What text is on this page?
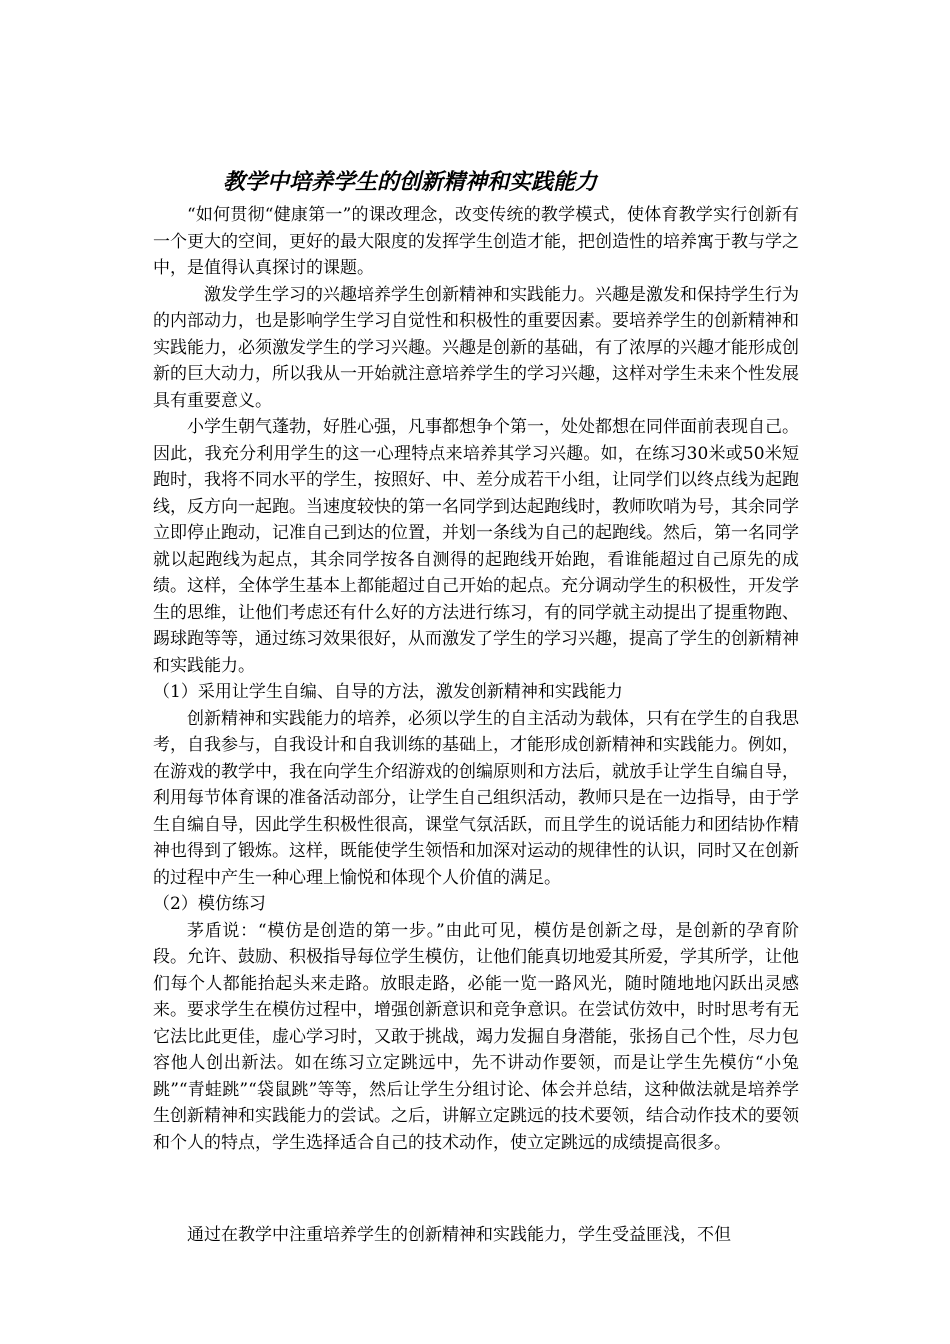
教学中培养学生的创新精神和实践能力

“如何贯彻“健康第一”的课改理念，改变传统的教学模式，使体育教学实行创新有一个更大的空间，更好的最大限度的发挥学生创造才能，把创造性的培养寓于教与学之中，是值得认真探讨的课题。

激发学生学习的兴趣培养学生创新精神和实践能力。兴趣是激发和保持学生行为的内部动力，也是影响学生学习自觉性和积极性的重要因素。要培养学生的创新精神和实践能力，必须激发学生的学习兴趣。兴趣是创新的基础，有了浓厚的兴趣才能形成创新的巨大动力，所以我从一开始就注意培养学生的学习兴趣，这样对学生未来个性发展具有重要意义。

小学生朝气蓬勃，好胜心强，凡事都想争个第一，处处都想在同伴面前表现自己。因此，我充分利用学生的这一心理特点来培养其学习兴趣。如，在练习30米或50米短跑时，我将不同水平的学生，按照好、中、差分成若干小组，让同学们以终点线为起跑线，反方向一起跑。当速度较快的第一名同学到达起跑线时，教师吹哨为号，其余同学立即停止跑动，记准自己到达的位置，并划一条线为自己的起跑线。然后，第一名同学就以起跑线为起点，其余同学按各自测得的起跑线开始跑，看谁能超过自己原先的成绩。这样，全体学生基本上都能超过自己开始的起点。充分调动学生的积极性，开发学生的思维，让他们考虑还有什么好的方法进行练习，有的同学就主动提出了提重物跑、踢球跑等等，通过练习效果很好，从而激发了学生的学习兴趣，提高了学生的创新精神和实践能力。

（1）采用让学生自编、自导的方法，激发创新精神和实践能力

创新精神和实践能力的培养，必须以学生的自主活动为载体，只有在学生的自我思考，自我参与，自我设计和自我训练的基础上，才能形成创新精神和实践能力。例如，在游戏的教学中，我在向学生介绍游戏的创编原则和方法后，就放手让学生自编自导，利用每节体育课的准备活动部分，让学生自己组织活动，教师只是在一边指导，由于学生自编自导，因此学生积极性很高，课堂气氛活跃，而且学生的说话能力和团结协作精神也得到了锻炼。这样，既能使学生领悟和加深对运动的规律性的认识，同时又在创新的过程中产生一种心理上愉悦和体现个人价值的满足。

（2）模仿练习

茅盾说：“模仿是创造的第一步。”由此可见，模仿是创新之母，是创新的孕育阶段。允许、鼓励、积极指导每位学生模仿，让他们能真切地爱其所爱，学其所学，让他们每个人都能抬起头来走路。放眼走路，必能一览一路风光，随时随地地闪跃出灵感来。要求学生在模仿过程中，增强创新意识和竞争意识。在尝试仿效中，时时思考有无它法比此更佳，虚心学习时，又敢于挑战，竭力发掘自身潜能，张扬自己个性，尽力包容他人创出新法。如在练习立定跳远中，先不讲动作要领，而是让学生先模仿“小兔跳”“青蛙跳”“袋鼠跳”等等，然后让学生分组讨论、体会并总结，这种做法就是培养学生创新精神和实践能力的尝试。之后，讲解立定跳远的技术要领，结合动作技术的要领和个人的特点，学生选择适合自己的技术动作，使立定跳远的成绩提高很多。

通过在教学中注重培养学生的创新精神和实践能力，学生受益匪浅，不但
